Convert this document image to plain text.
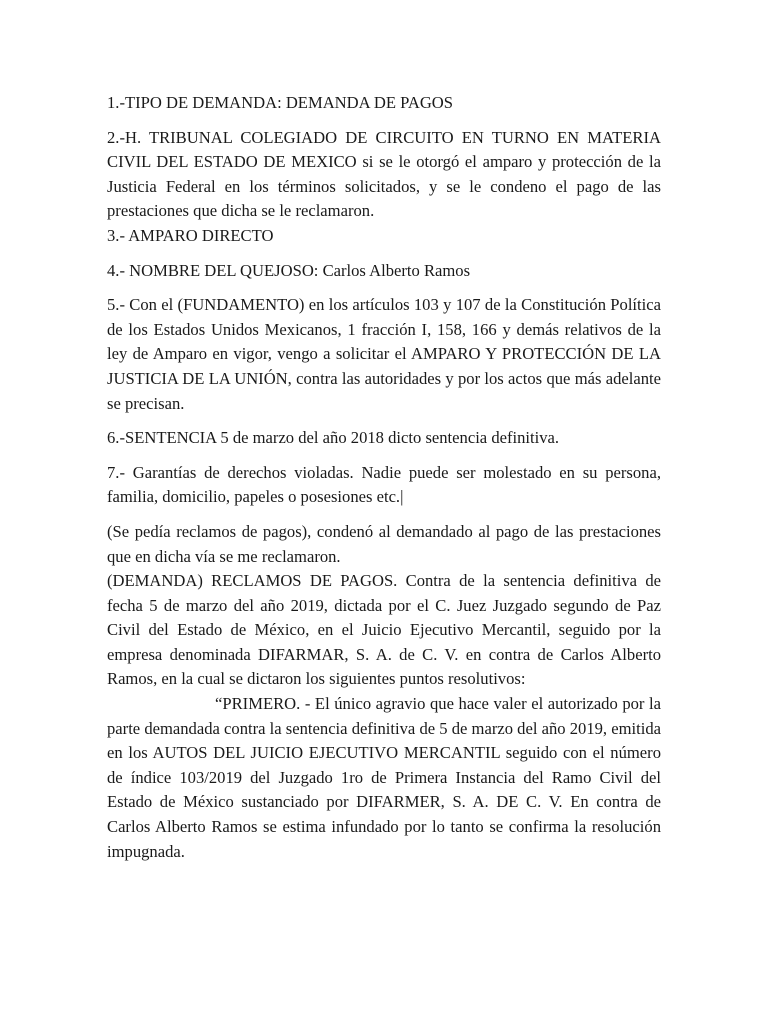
1.-TIPO DE DEMANDA: DEMANDA DE PAGOS

2.-H. TRIBUNAL COLEGIADO DE CIRCUITO EN TURNO EN MATERIA CIVIL DEL ESTADO DE MEXICO si se le otorgó el amparo y protección de la Justicia Federal en los términos solicitados, y se le condeno el pago de las prestaciones que dicha se le reclamaron.

3.- AMPARO DIRECTO

4.- NOMBRE DEL QUEJOSO: Carlos Alberto Ramos

5.- Con el (FUNDAMENTO) en los artículos 103 y 107 de la Constitución Política de los Estados Unidos Mexicanos, 1 fracción I, 158, 166 y demás relativos de la ley de Amparo en vigor, vengo a solicitar el AMPARO Y PROTECCIÓN DE LA JUSTICIA DE LA UNIÓN, contra las autoridades y por los actos que más adelante se precisan.

6.-SENTENCIA 5 de marzo del año 2018 dicto sentencia definitiva.

7.- Garantías de derechos violadas. Nadie puede ser molestado en su persona, familia, domicilio, papeles o posesiones etc.|

(Se pedía reclamos de pagos), condenó al demandado al pago de las prestaciones que en dicha vía se me reclamaron.

(DEMANDA) RECLAMOS DE PAGOS. Contra de la sentencia definitiva de fecha 5 de marzo del año 2019, dictada por el C. Juez Juzgado segundo de Paz Civil del Estado de México, en el Juicio Ejecutivo Mercantil, seguido por la empresa denominada DIFARMAR, S. A. de C. V. en contra de Carlos Alberto Ramos, en la cual se dictaron los siguientes puntos resolutivos:

“PRIMERO. - El único agravio que hace valer el autorizado por la parte demandada contra la sentencia definitiva de 5 de marzo del año 2019, emitida en los AUTOS DEL JUICIO EJECUTIVO MERCANTIL seguido con el número de índice 103/2019 del Juzgado 1ro de Primera Instancia del Ramo Civil del Estado de México sustanciado por DIFARMER, S. A. DE C. V. En contra de Carlos Alberto Ramos se estima infundado por lo tanto se confirma la resolución impugnada.
